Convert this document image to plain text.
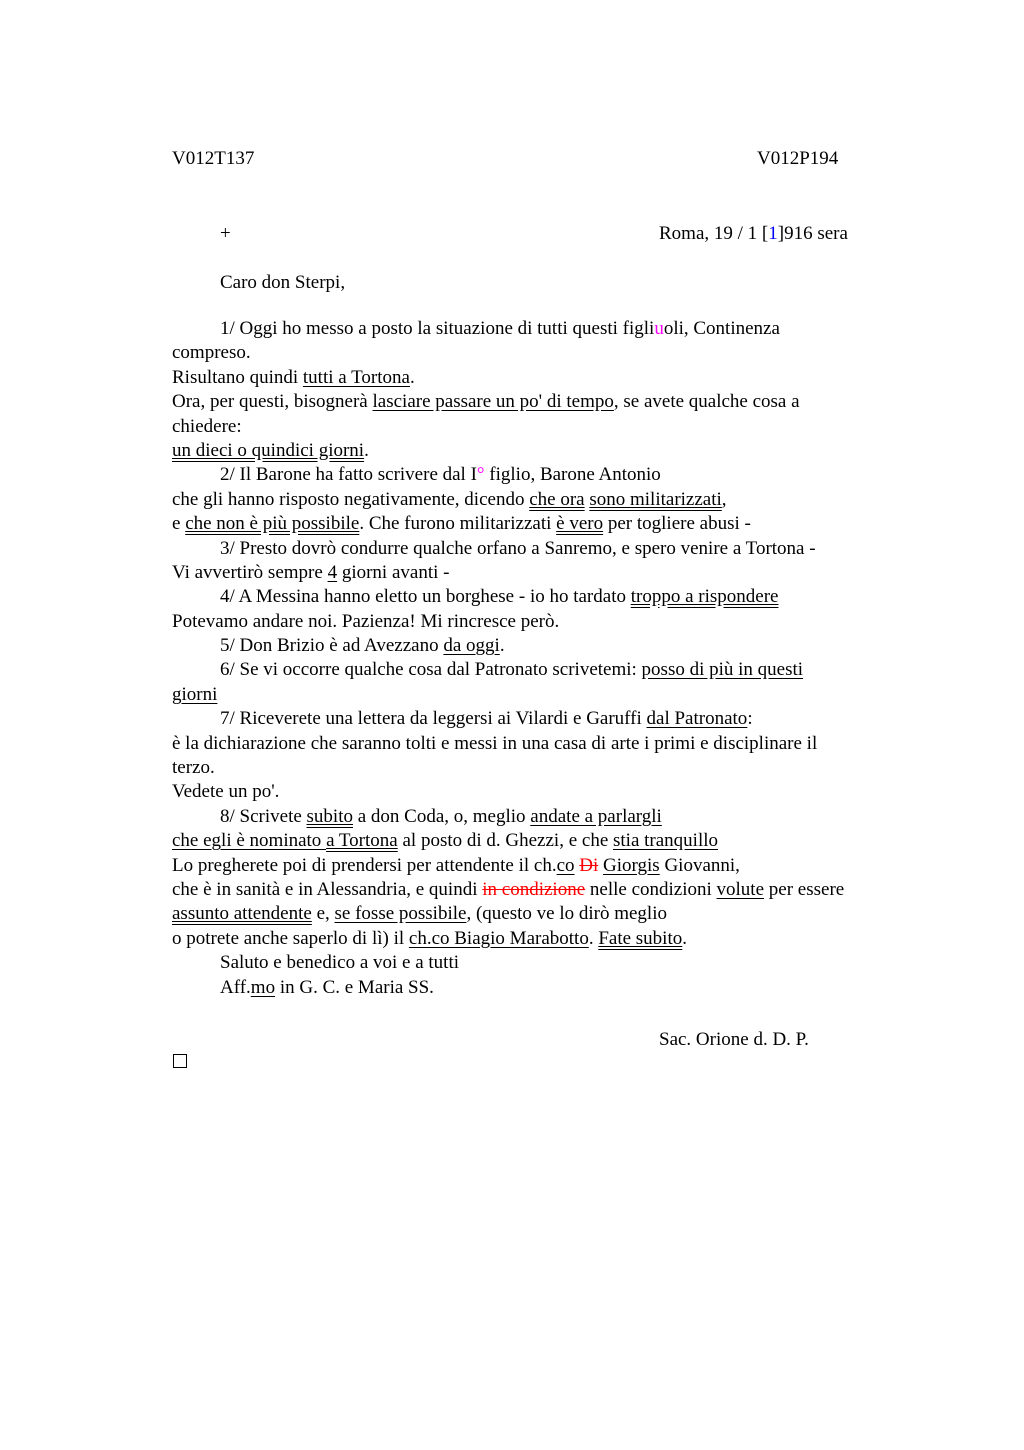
V012T137	V012P194
+	Roma, 19 / 1 [1]916 sera
Caro don Sterpi,
1/ Oggi ho messo a posto la situazione di tutti questi figliuoli, Continenza
compreso.
Risultano quindi tutti a Tortona.
Ora, per questi, bisognerà lasciare passare un po' di tempo, se avete qualche cosa a
chiedere:
un dieci o quindici giorni.
2/ Il Barone ha fatto scrivere dal I° figlio, Barone Antonio
che gli hanno risposto negativamente, dicendo che ora sono militarizzati,
e che non è più possibile. Che furono militarizzati è vero per togliere abusi -
3/ Presto dovrò condurre qualche orfano a Sanremo, e spero venire a Tortona -
Vi avvertirò sempre 4 giorni avanti -
4/ A Messina hanno eletto un borghese - io ho tardato troppo a rispondere
Potevamo andare noi. Pazienza! Mi rincresce però.
5/ Don Brizio è ad Avezzano da oggi.
6/ Se vi occorre qualche cosa dal Patronato scrivetemi: posso di più in questi
giorni
7/ Riceverete una lettera da leggersi ai Vilardi e Garuffi dal Patronato:
è la dichiarazione che saranno tolti e messi in una casa di arte i primi e disciplinare il
terzo.
Vedete un po'.
8/ Scrivete subito a don Coda, o, meglio andate a parlargli
che egli è nominato a Tortona al posto di d. Ghezzi, e che stia tranquillo
Lo pregherete poi di prendersi per attendente il ch.co Di Giorgis Giovanni,
che è in sanità e in Alessandria, e quindi in condizione nelle condizioni volute per essere
assunto attendente e, se fosse possibile, (questo ve lo dirò meglio
o potrete anche saperlo di lì) il ch.co Biagio Marabotto. Fate subito.
Saluto e benedico a voi e a tutti
Aff.mo in G. C. e Maria SS.
Sac. Orione d. D. P.
